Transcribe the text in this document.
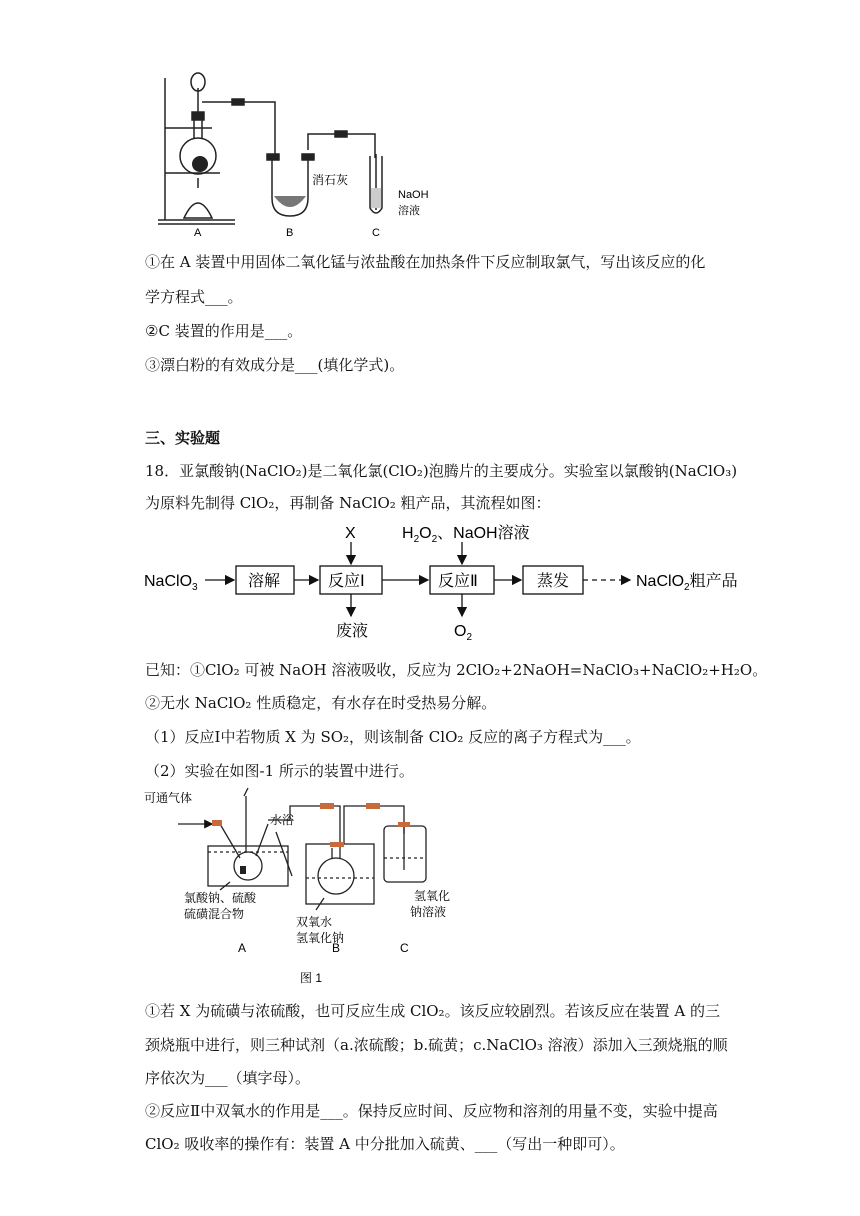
消石灰
NaOH
溶液
A	B	C
①在 A 装置中用固体二氧化锰与浓盐酸在加热条件下反应制取氯气，写出该反应的化
学方程式___。
②C 装置的作用是___。
③漂白粉的有效成分是___(填化学式)。
三、实验题
18．亚氯酸钠(NaClO₂)是二氧化氯(ClO₂)泡腾片的主要成分。实验室以氯酸钠(NaClO₃)
为原料先制得 ClO₂，再制备 NaClO₂ 粗产品，其流程如图：
NaClO$_3$	溶解	反应Ⅰ	反应Ⅱ	蒸发
X	$H_2O_2$、NaOH溶液
废液	$O_2$
NaClO$_2$粗产品
已知：①ClO₂ 可被 NaOH 溶液吸收，反应为 2ClO₂+2NaOH=NaClO₃+NaClO₂+H₂O。
②无水 NaClO₂ 性质稳定，有水存在时受热易分解。
（1）反应Ⅰ中若物质 X 为 SO₂，则该制备 ClO₂ 反应的离子方程式为___。
（2）实验在如图-1 所示的装置中进行。
可通气体
水浴
氯酸钠、硫酸
硫磺混合物
双氧水
氢氧化钠
氢氧化
钠溶液
A	B	C
图 1
①若 X 为硫磺与浓硫酸，也可反应生成 ClO₂。该反应较剧烈。若该反应在装置 A 的三
颈烧瓶中进行，则三种试剂（a.浓硫酸；b.硫黄；c.NaClO₃ 溶液）添加入三颈烧瓶的顺
序依次为___（填字母）。
②反应Ⅱ中双氧水的作用是___。保持反应时间、反应物和溶剂的用量不变，实验中提高
ClO₂ 吸收率的操作有：装置 A 中分批加入硫黄、___（写出一种即可）。
